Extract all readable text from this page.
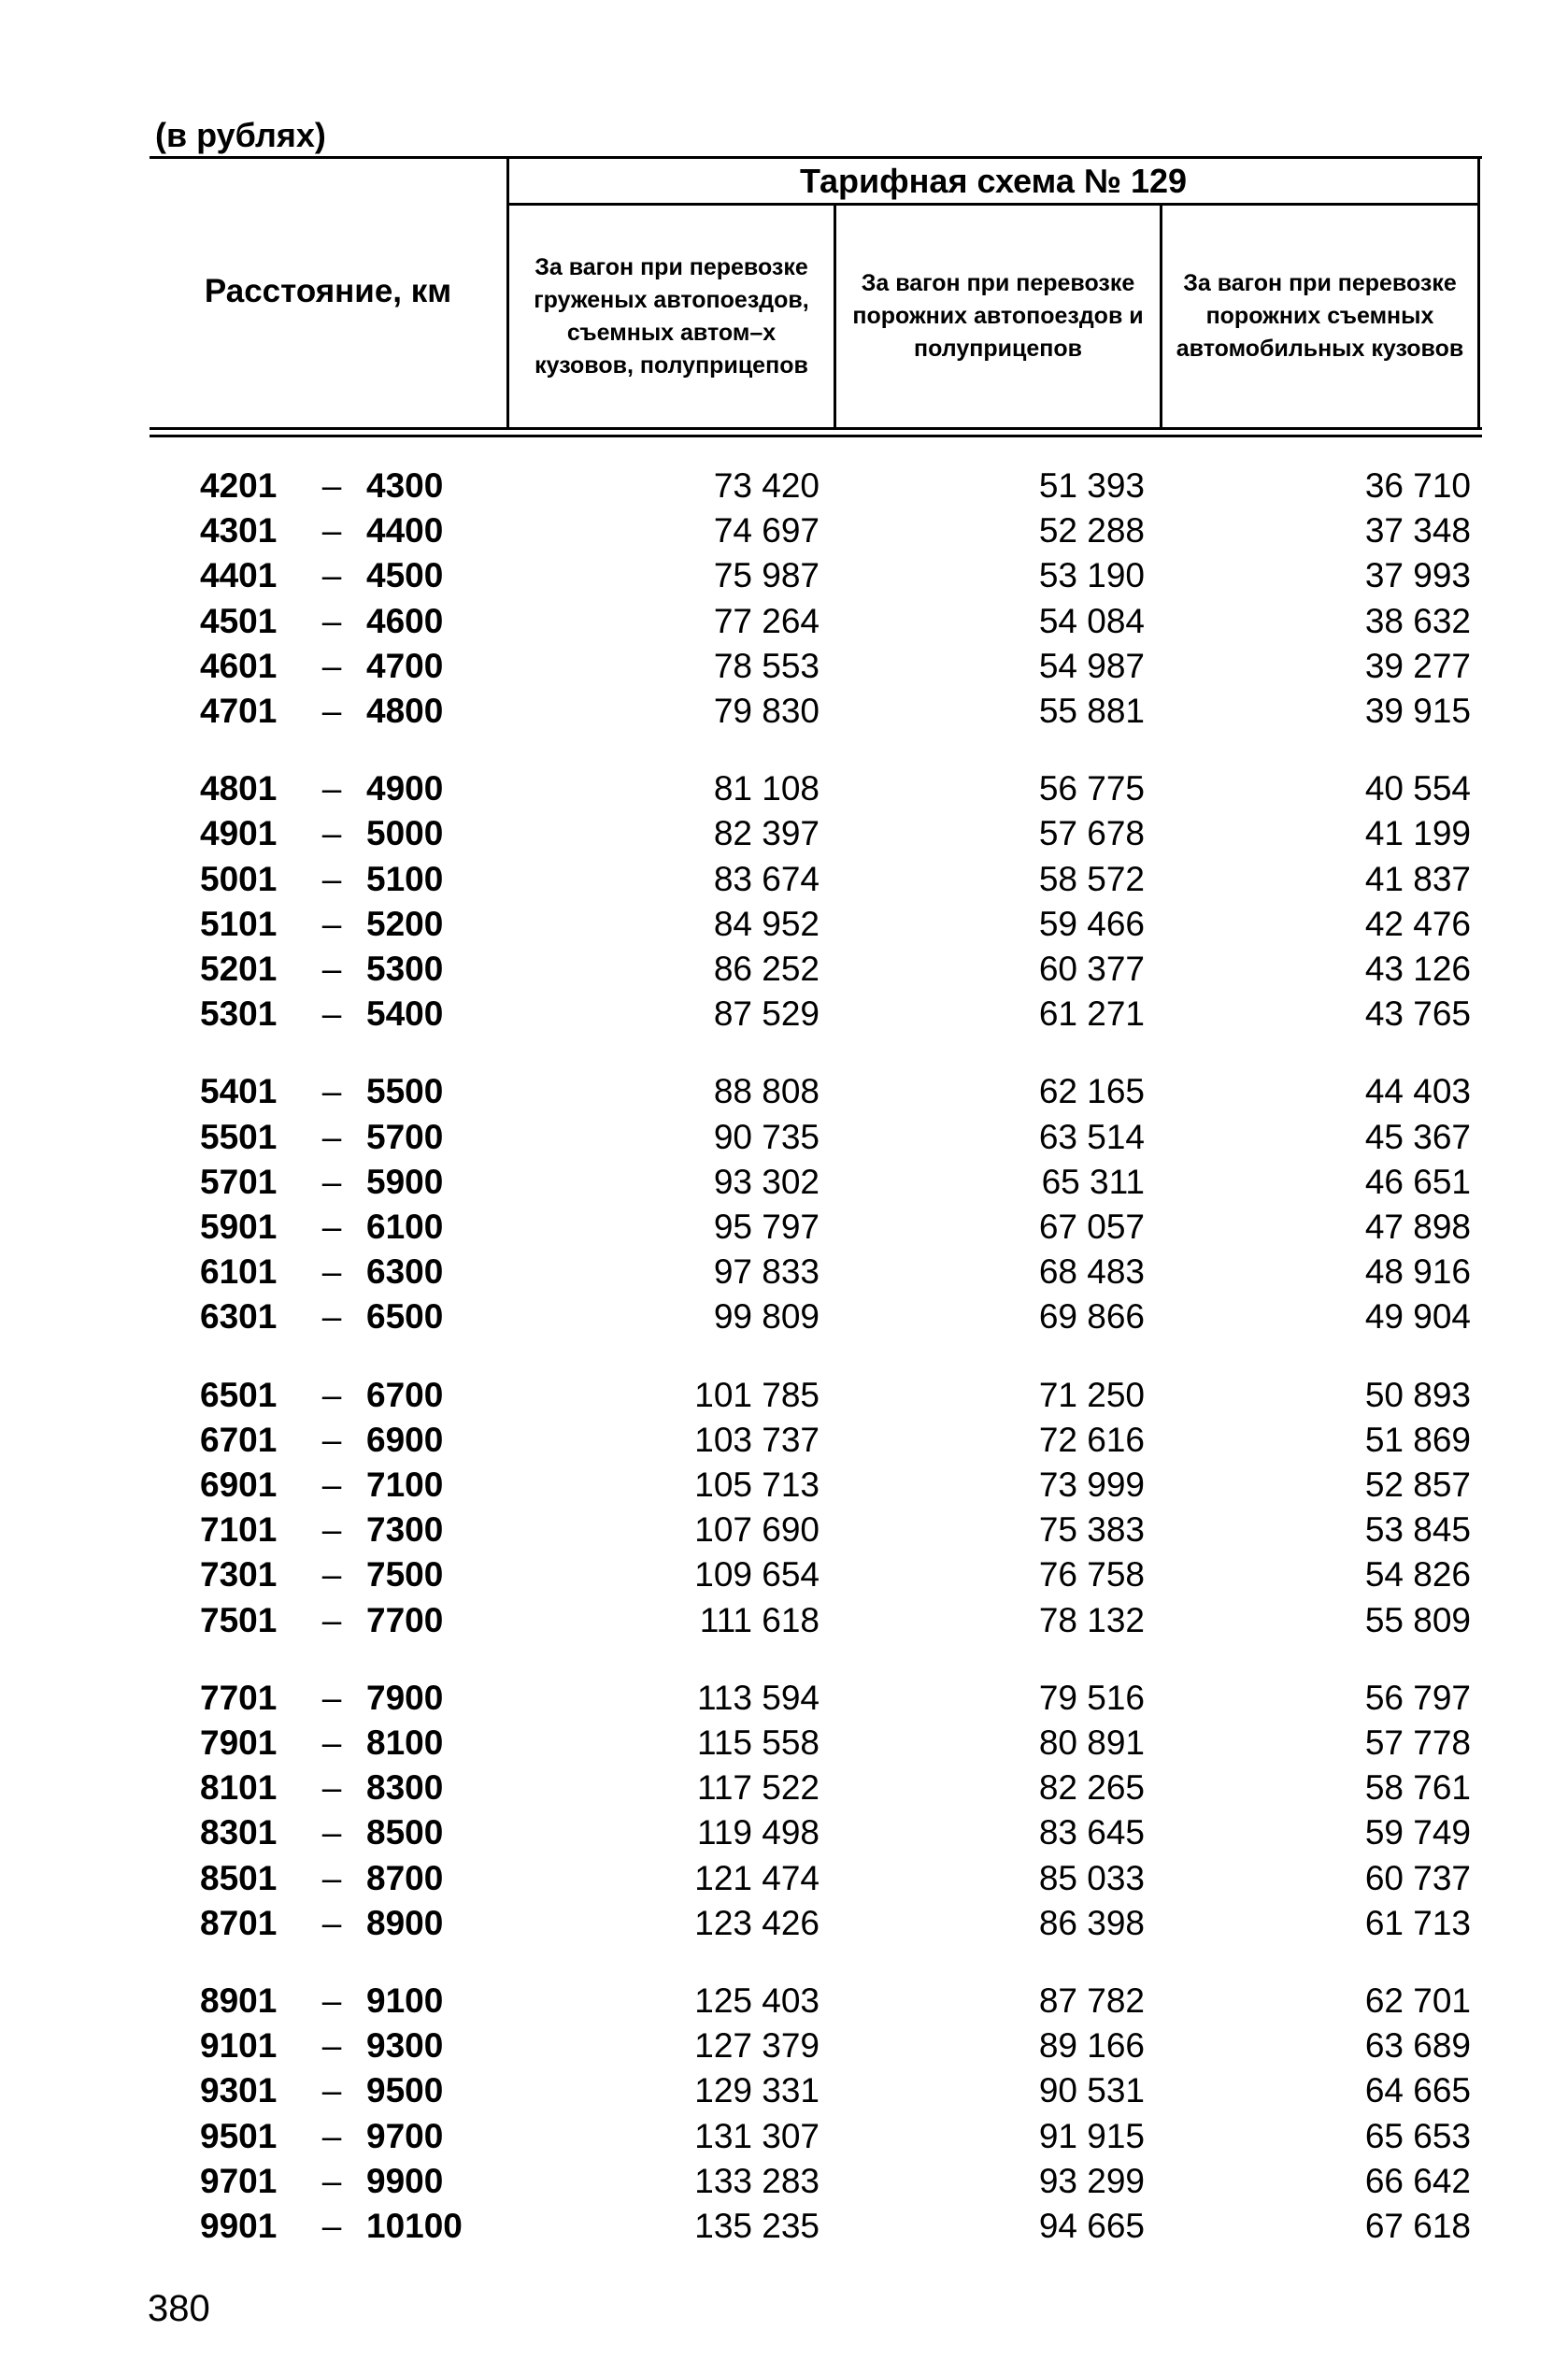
(в рублях)
Расстояние, км
Тарифная схема № 129
За вагон при перевозке груженых автопоездов, съемных автом–х кузовов, полуприцепов
За вагон при перевозке порожних автопоездов и полуприцепов
За вагон при перевозке порожних съемных автомобильных кузовов
4201	– 4300	73 420	51 393	36 710
4301	– 4400	74 697	52 288	37 348
4401	– 4500	75 987	53 190	37 993
4501	– 4600	77 264	54 084	38 632
4601	– 4700	78 553	54 987	39 277
4701	– 4800	79 830	55 881	39 915
4801	– 4900	81 108	56 775	40 554
4901	– 5000	82 397	57 678	41 199
5001	– 5100	83 674	58 572	41 837
5101	– 5200	84 952	59 466	42 476
5201	– 5300	86 252	60 377	43 126
5301	– 5400	87 529	61 271	43 765
5401	– 5500	88 808	62 165	44 403
5501	– 5700	90 735	63 514	45 367
5701	– 5900	93 302	65 311	46 651
5901	– 6100	95 797	67 057	47 898
6101	– 6300	97 833	68 483	48 916
6301	– 6500	99 809	69 866	49 904
6501	– 6700	101 785	71 250	50 893
6701	– 6900	103 737	72 616	51 869
6901	– 7100	105 713	73 999	52 857
7101	– 7300	107 690	75 383	53 845
7301	– 7500	109 654	76 758	54 826
7501	– 7700	111 618	78 132	55 809
7701	– 7900	113 594	79 516	56 797
7901	– 8100	115 558	80 891	57 778
8101	– 8300	117 522	82 265	58 761
8301	– 8500	119 498	83 645	59 749
8501	– 8700	121 474	85 033	60 737
8701	– 8900	123 426	86 398	61 713
8901	– 9100	125 403	87 782	62 701
9101	– 9300	127 379	89 166	63 689
9301	– 9500	129 331	90 531	64 665
9501	– 9700	131 307	91 915	65 653
9701	– 9900	133 283	93 299	66 642
9901	– 10100	135 235	94 665	67 618
380
